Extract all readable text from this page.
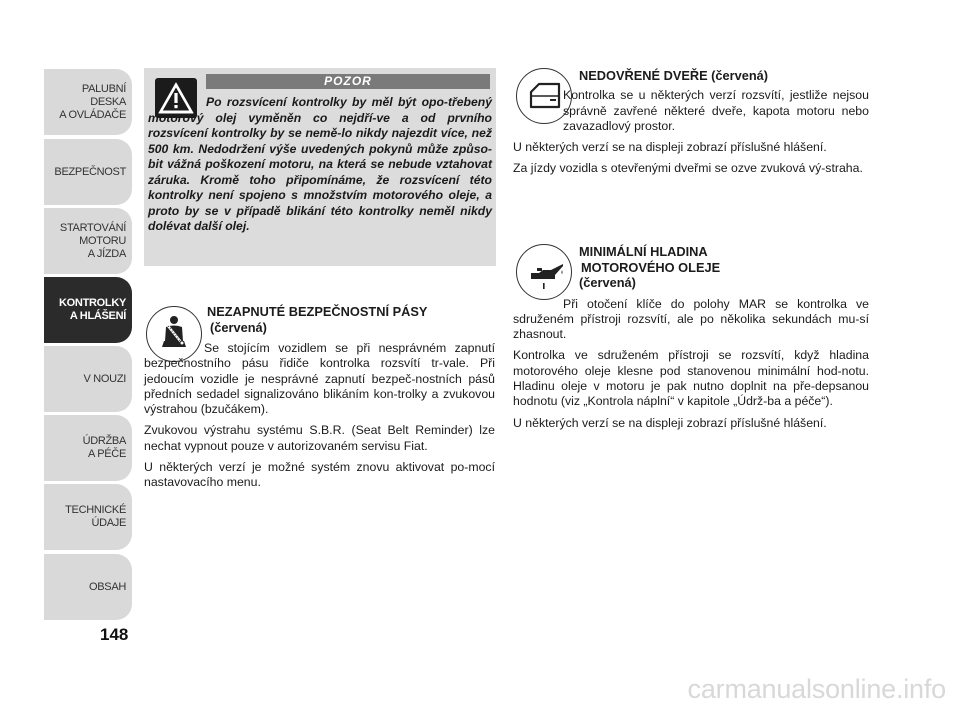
PALUBNÍ DESKA
A OVLÁDAČE
BEZPEČNOST
STARTOVÁNÍ
MOTORU
A JÍZDA
KONTROLKY
A HLÁŠENÍ
V NOUZI
ÚDRŽBA
A PÉČE
TECHNICKÉ
ÚDAJE
OBSAH
148
POZOR
Po rozsvícení kontrolky by měl být opo-třebený motorový olej vyměněn co nejdří-ve a od prvního rozsvícení kontrolky by se nemě-lo nikdy najezdit více, než 500 km. Nedodržení výše uvedených pokynů může způso-bit vážná poškození motoru, na která se nebude vztahovat záruka. Kromě toho připomínáme, že rozsvícení této kontrolky není spojeno s množstvím motorového oleje, a proto by se v případě blikání této kontrolky neměl nikdy dolévat další olej.
NEZAPNUTÉ BEZPEČNOSTNÍ PÁSY
(červená)

Se stojícím vozidlem se při nesprávném zapnutí bezpečnostního pásu řidiče kontrolka rozsvítí tr-vale. Při jedoucím vozidle je nesprávné zapnutí bezpeč-nostních pásů předních sedadel signalizováno blikáním kon-trolky a zvukovou výstrahou (bzučákem).

Zvukovou výstrahu systému S.B.R. (Seat Belt Reminder) lze nechat vypnout pouze v autorizovaném servisu Fiat.

U některých verzí je možné systém znovu aktivovat po-mocí nastavovacího menu.

NEDOVŘENÉ DVEŘE (červená)

Kontrolka se u některých verzí rozsvítí, jestliže nejsou správně zavřené některé dveře, kapota motoru nebo zavazadlový prostor.

U některých verzí se na displeji zobrazí příslušné hlášení.

Za jízdy vozidla s otevřenými dveřmi se ozve zvuková vý-straha.

MINIMÁLNÍ HLADINA
MOTOROVÉHO OLEJE
(červená)

Při otočení klíče do polohy MAR se kontrolka ve sdruženém přístroji rozsvítí, ale po několika sekundách mu-sí zhasnout.

Kontrolka ve sdruženém přístroji se rozsvítí, když hladina motorového oleje klesne pod stanovenou minimální hod-notu. Hladinu oleje v motoru je pak nutno doplnit na pře-depsanou hodnotu (viz „Kontrola náplní“ v kapitole „Údrž-ba a péče“).

U některých verzí se na displeji zobrazí příslušné hlášení.

carmanualsonline.info
